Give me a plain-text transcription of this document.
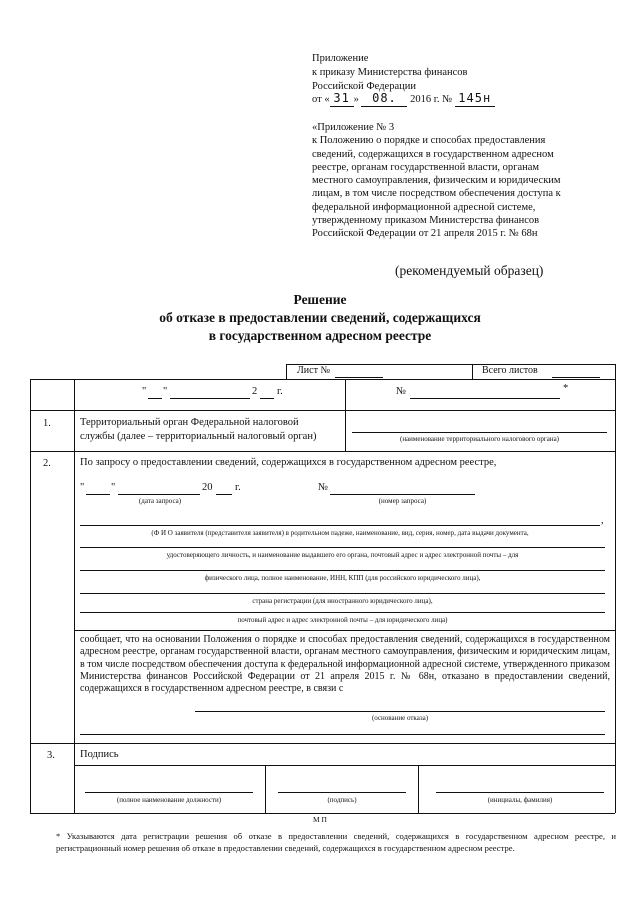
Приложение
к приказу Министерства финансов
Российской Федерации
от « 31 » 08. 2016 г. № 145н
«Приложение № 3
к Положению о порядке и способах предоставления
сведений, содержащихся в государственном адресном
реестре, органам государственной власти, органам
местного самоуправления, физическим и юридическим
лицам, в том числе посредством обеспечения доступа к
федеральной информационной адресной системе,
утвержденному приказом Министерства финансов
Российской Федерации от 21 апреля 2015 г. № 68н
(рекомендуемый образец)
Решение
об отказе в предоставлении сведений, содержащихся
в государственном адресном реестре
Лист №	Всего листов
" "	2 г.	№	*
1.	Территориальный орган Федеральной налоговой
службы (далее – территориальный налоговый орган)	(наименование территориального налогового органа)
2.	По запросу о предоставлении сведений, содержащихся в государственном адресном реестре,
"	"	20 г.
(дата запроса)
№
(номер запроса)
,
(Ф И О заявителя (представителя заявителя) в родительном падеже, наименование, вид, серия, номер, дата выдачи документа,
удостоверяющего личность, и наименование выдавшего его органа, почтовый адрес и адрес электронной почты – для
физического лица, полное наименование, ИНН, КПП (для российского юридического лица),
страна регистрации (для иностранного юридического лица),
почтовый адрес и адрес электронной почты – для юридического лица)
сообщает, что на основании Положения о порядке и способах предоставления сведений, содержащихся в государственном адресном реестре, органам государственной власти, органам местного самоуправления, физическим и юридическим лицам, в том числе посредством обеспечения доступа к федеральной информационной адресной системе, утвержденного приказом Министерства финансов Российской Федерации от 21 апреля 2015 г. № 68н, отказано в предоставлении сведений, содержащихся в государственном адресном реестре, в связи с
(основание отказа)
3. Подпись
(полное наименование должности)	(подпись)	(инициалы, фамилия)
М П
* Указываются дата регистрации решения об отказе в предоставлении сведений, содержащихся в государственном адресном реестре, и регистрационный номер решения об отказе в предоставлении сведений, содержащихся в государственном адресном реестре.
